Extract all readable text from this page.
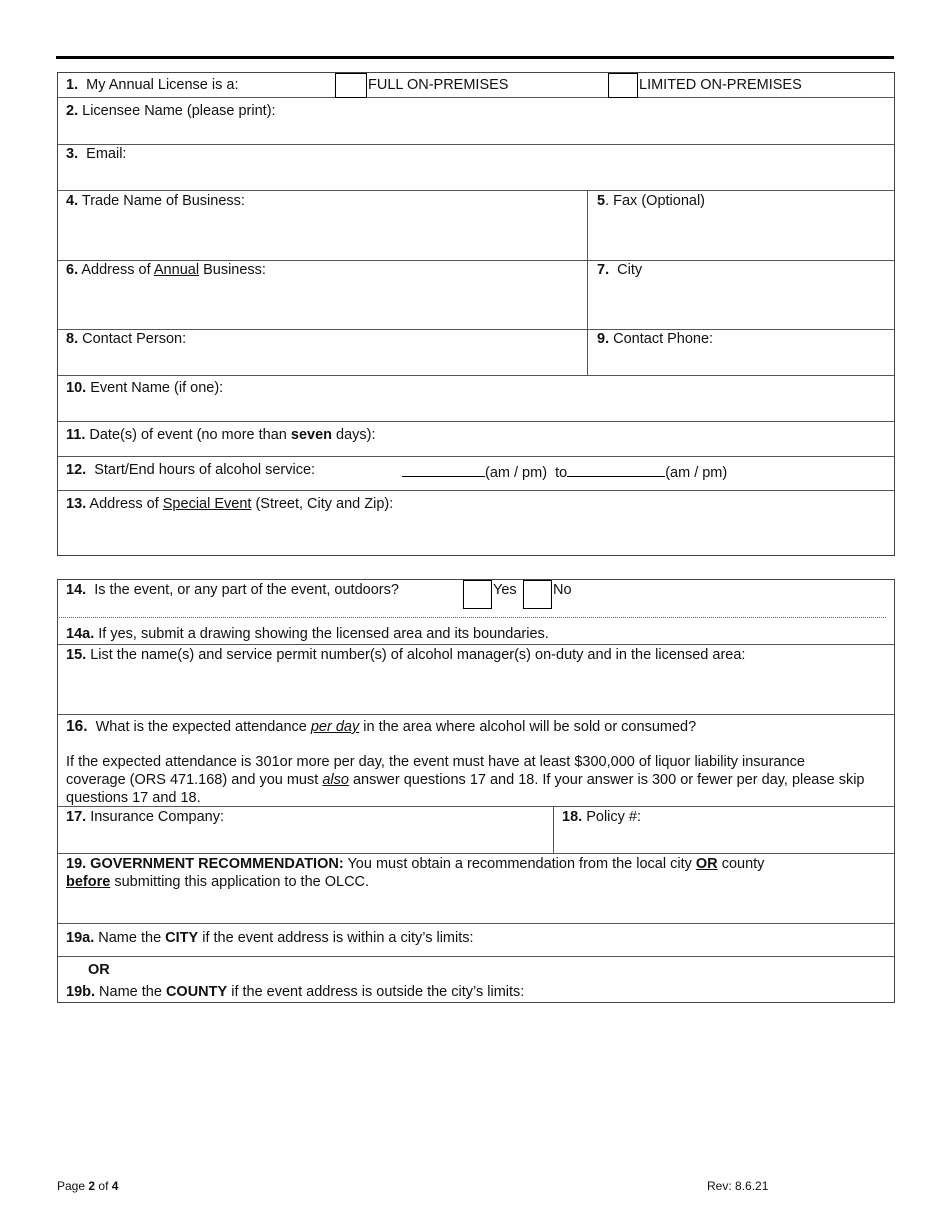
1. My Annual License is a:	FULL ON-PREMISES	LIMITED ON-PREMISES
2. Licensee Name (please print):
3. Email:
4. Trade Name of Business:	5. Fax (Optional)
6. Address of Annual Business:	7. City
8. Contact Person:	9. Contact Phone:
10. Event Name (if one):
11. Date(s) of event (no more than seven days):
12. Start/End hours of alcohol service:	(am / pm) to	(am / pm)
13. Address of Special Event (Street, City and Zip):
14. Is the event, or any part of the event, outdoors?	Yes	No
14a. If yes, submit a drawing showing the licensed area and its boundaries.
15. List the name(s) and service permit number(s) of alcohol manager(s) on-duty and in the licensed area:
16. What is the expected attendance per day in the area where alcohol will be sold or consumed?
If the expected attendance is 301or more per day, the event must have at least $300,000 of liquor liability insurance coverage (ORS 471.168) and you must also answer questions 17 and 18. If your answer is 300 or fewer per day, please skip questions 17 and 18.
17. Insurance Company:	18. Policy #:
19. GOVERNMENT RECOMMENDATION: You must obtain a recommendation from the local city OR county
before submitting this application to the OLCC.
19a. Name the CITY if the event address is within a city’s limits:
OR
19b. Name the COUNTY if the event address is outside the city’s limits:
Page 2 of 4	Rev: 8.6.21
